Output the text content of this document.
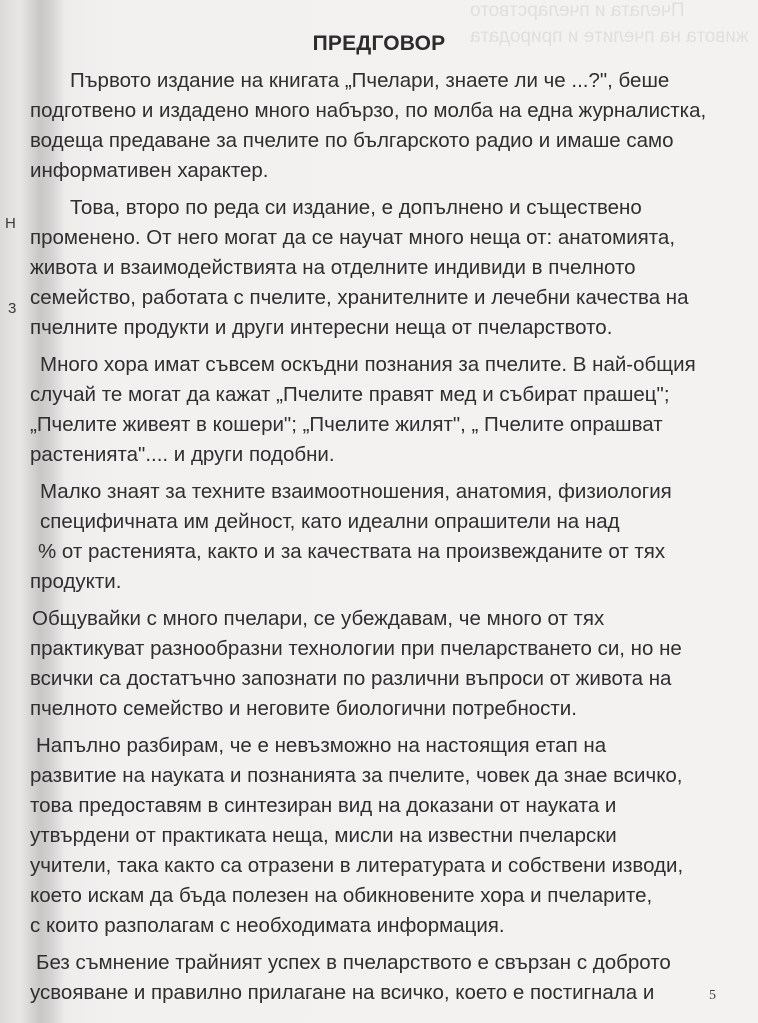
Пчелата и пчеларството
живота на пчелите и природата
Н
3
ПРЕДГОВОР
Първото издание на книгата „Пчелари, знаете ли че ...?", беше
подготвено и издадено много набързо, по молба на една журналистка,
водеща предаване за пчелите по българското радио и имаше само
информативен характер.
Това, второ по реда си издание, е допълнено и съществено
променено. От него могат да се научат много неща от: анатомията,
живота и взаимодействията на отделните индивиди в пчелното
семейство, работата с пчелите, хранителните и лечебни качества на
пчелните продукти и други интересни неща от пчеларството.
Много хора имат съвсем оскъдни познания за пчелите. В най-общия
случай те могат да кажат „Пчелите правят мед и събират прашец";
„Пчелите живеят в кошери"; „Пчелите жилят", „ Пчелите опрашват
растенията".... и други подобни.
Малко знаят за техните взаимоотношения, анатомия, физиология
специфичната им дейност, като идеални опрашители на над
% от растенията, както и за качествата на произвежданите от тях
продукти.
Общувайки с много пчелари, се убеждавам, че много от тях
практикуват разнообразни технологии при пчеларстването си, но не
всички са достатъчно запознати по различни въпроси от живота на
пчелното семейство и неговите биологични потребности.
Напълно разбирам, че е невъзможно на настоящия етап на
развитие на науката и познанията за пчелите, човек да знае всичко,
това предоставям в синтезиран вид на доказани от науката и
утвърдени от практиката неща, мисли на известни пчеларски
учители, така както са отразени в литературата и собствени изводи,
което искам да бъда полезен на обикновените хора и пчеларите,
с които разполагам с необходимата информация.
Без съмнение трайният успех в пчеларството е свързан с доброто
усвояване и правилно прилагане на всичко, което е постигнала и	5
